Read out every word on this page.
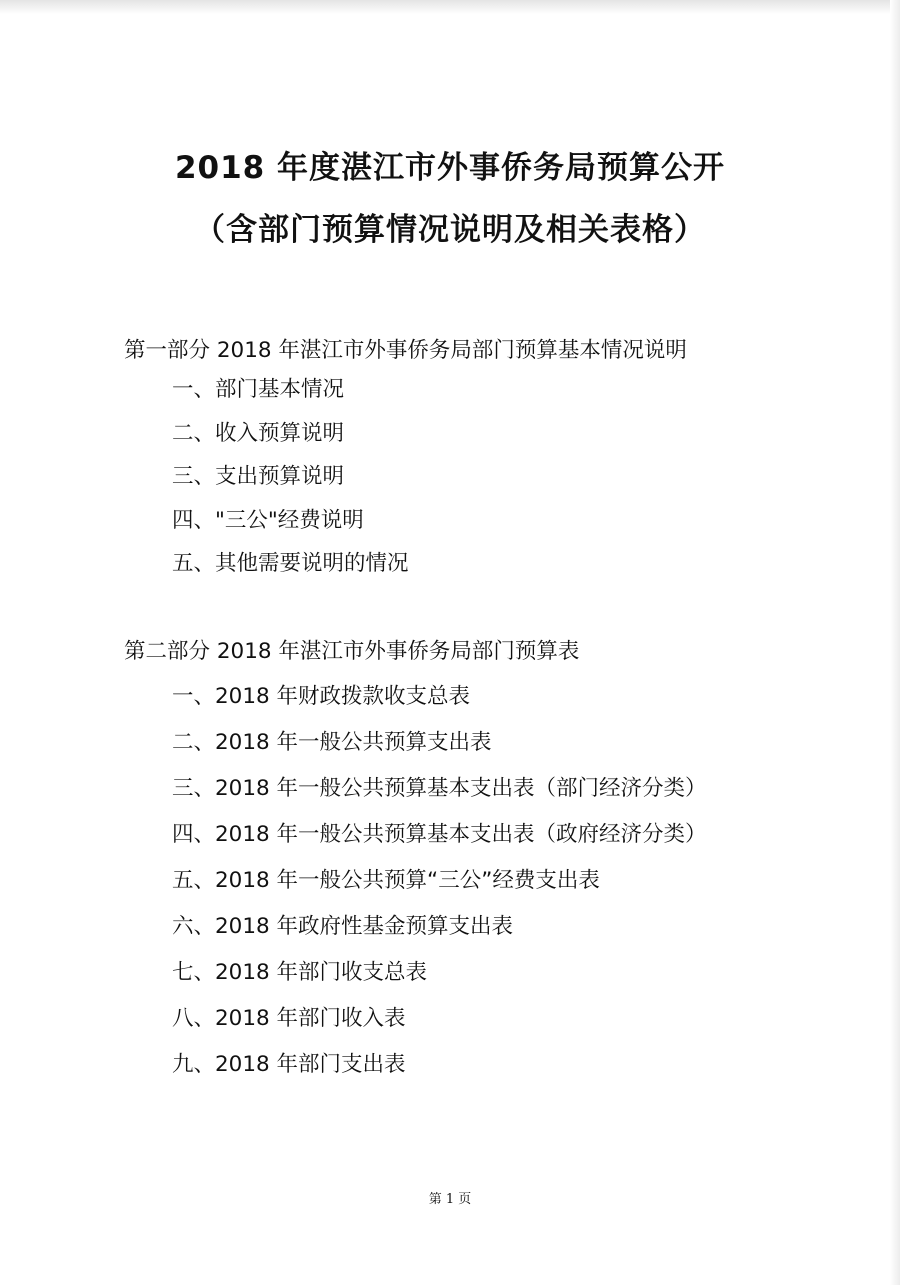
2018 年度湛江市外事侨务局预算公开
（含部门预算情况说明及相关表格）
第一部分 2018 年湛江市外事侨务局部门预算基本情况说明
一、部门基本情况
二、收入预算说明
三、支出预算说明
四、"三公"经费说明
五、其他需要说明的情况
第二部分 2018 年湛江市外事侨务局部门预算表
一、2018 年财政拨款收支总表
二、2018 年一般公共预算支出表
三、2018 年一般公共预算基本支出表（部门经济分类）
四、2018 年一般公共预算基本支出表（政府经济分类）
五、2018 年一般公共预算“三公”经费支出表
六、2018 年政府性基金预算支出表
七、2018 年部门收支总表
八、2018 年部门收入表
九、2018 年部门支出表
第 1 页
